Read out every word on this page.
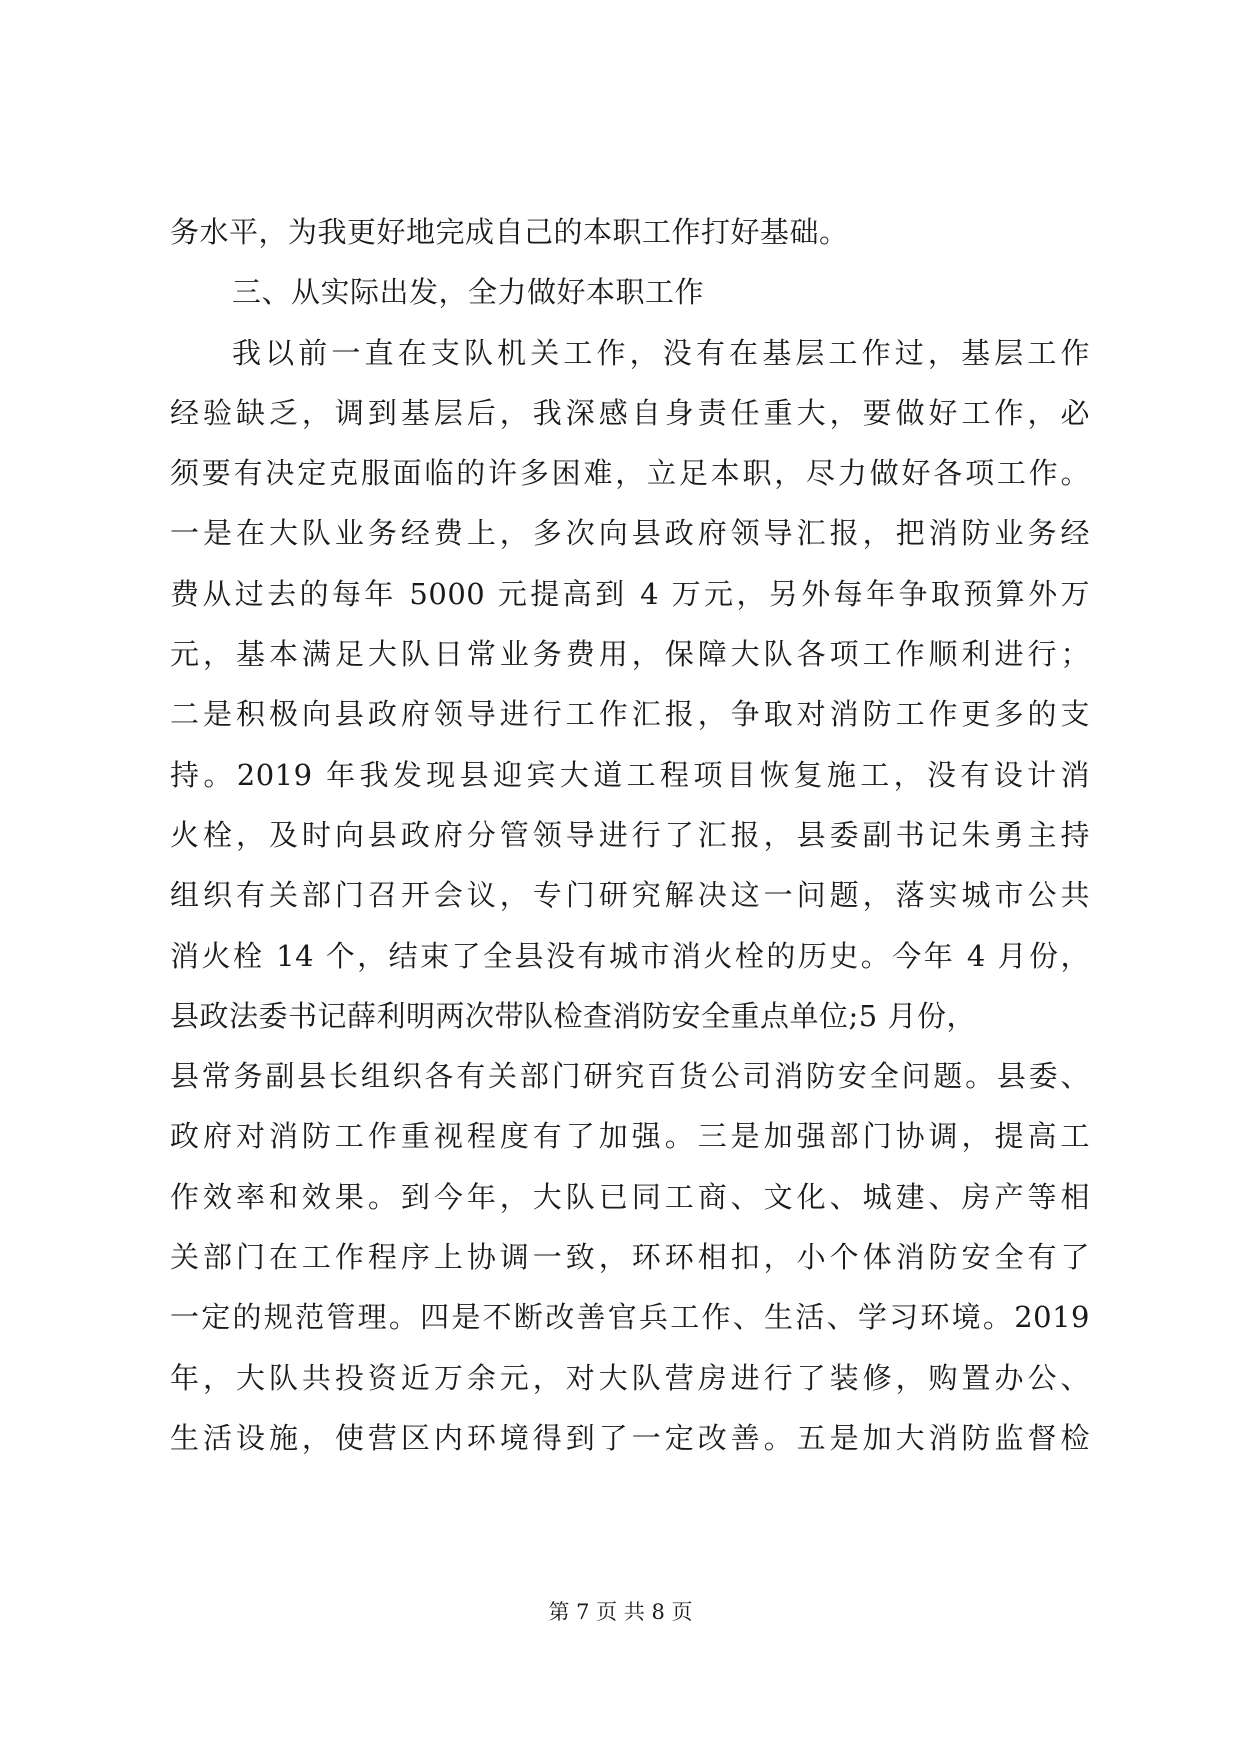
务水平，为我更好地完成自己的本职工作打好基础。
三、从实际出发，全力做好本职工作
我以前一直在支队机关工作，没有在基层工作过，基层工作
经验缺乏，调到基层后，我深感自身责任重大，要做好工作，必
须要有决定克服面临的许多困难，立足本职，尽力做好各项工作。
一是在大队业务经费上，多次向县政府领导汇报，把消防业务经
费从过去的每年 5000 元提高到 4 万元，另外每年争取预算外万
元，基本满足大队日常业务费用，保障大队各项工作顺利进行；
二是积极向县政府领导进行工作汇报，争取对消防工作更多的支
持。2019 年我发现县迎宾大道工程项目恢复施工，没有设计消
火栓，及时向县政府分管领导进行了汇报，县委副书记朱勇主持
组织有关部门召开会议，专门研究解决这一问题，落实城市公共
消火栓 14 个，结束了全县没有城市消火栓的历史。今年 4 月份，
县政法委书记薛利明两次带队检查消防安全重点单位;5 月份，
县常务副县长组织各有关部门研究百货公司消防安全问题。县委、
政府对消防工作重视程度有了加强。三是加强部门协调，提高工
作效率和效果。到今年，大队已同工商、文化、城建、房产等相
关部门在工作程序上协调一致，环环相扣，小个体消防安全有了
一定的规范管理。四是不断改善官兵工作、生活、学习环境。2019
年，大队共投资近万余元，对大队营房进行了装修，购置办公、
生活设施，使营区内环境得到了一定改善。五是加大消防监督检
第 7 页 共 8 页
